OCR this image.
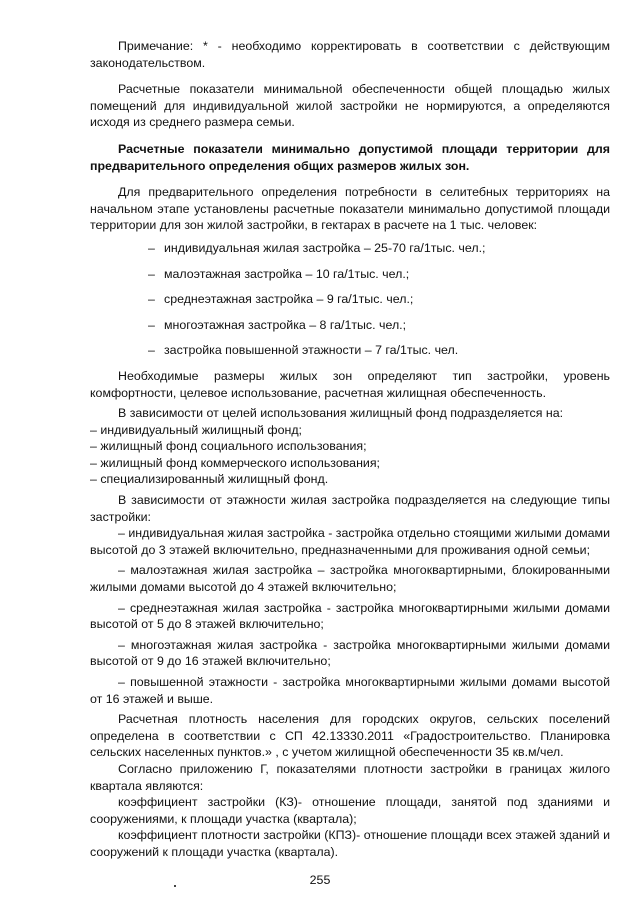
Примечание: * - необходимо корректировать в соответствии с действующим законодательством.

Расчетные показатели минимальной обеспеченности общей площадью жилых помещений для индивидуальной жилой застройки не нормируются, а определяются исходя из среднего размера семьи.

Расчетные показатели минимально допустимой площади территории для предварительного определения общих размеров жилых зон.

Для предварительного определения потребности в селитебных территориях на начальном этапе установлены расчетные показатели минимально допустимой площади территории для зон жилой застройки, в гектарах в расчете на 1 тыс. человек:

– индивидуальная жилая застройка – 25-70 га/1тыс. чел.;
– малоэтажная застройка – 10 га/1тыс. чел.;
– среднеэтажная застройка – 9 га/1тыс. чел.;
– многоэтажная застройка – 8 га/1тыс. чел.;
– застройка повышенной этажности – 7 га/1тыс. чел.

Необходимые размеры жилых зон определяют тип застройки, уровень комфортности, целевое использование, расчетная жилищная обеспеченность.

В зависимости от целей использования жилищный фонд подразделяется на:

– индивидуальный жилищный фонд;

– жилищный фонд социального использования;

– жилищный фонд коммерческого использования;

– специализированный жилищный фонд.

В зависимости от этажности жилая застройка подразделяется на следующие типы застройки:

– индивидуальная жилая застройка - застройка отдельно стоящими жилыми домами высотой до 3 этажей включительно, предназначенными для проживания одной семьи;

– малоэтажная жилая застройка – застройка многоквартирными, блокированными жилыми домами высотой до 4 этажей включительно;

– среднеэтажная жилая застройка - застройка многоквартирными жилыми домами высотой от 5 до 8 этажей включительно;

– многоэтажная жилая застройка - застройка многоквартирными жилыми домами высотой от 9 до 16 этажей включительно;

– повышенной этажности - застройка многоквартирными жилыми домами высотой от 16 этажей и выше.

Расчетная плотность населения для городских округов, сельских поселений определена в соответствии с СП 42.13330.2011 «Градостроительство. Планировка сельских населенных пунктов.» , с учетом жилищной обеспеченности 35 кв.м/чел.

Согласно приложению Г, показателями плотности застройки в границах жилого квартала являются:

коэффициент застройки (КЗ)- отношение площади, занятой под зданиями и сооружениями, к площади участка (квартала);

коэффициент плотности застройки (КПЗ)- отношение площади всех этажей зданий и сооружений к площади участка (квартала).

255
